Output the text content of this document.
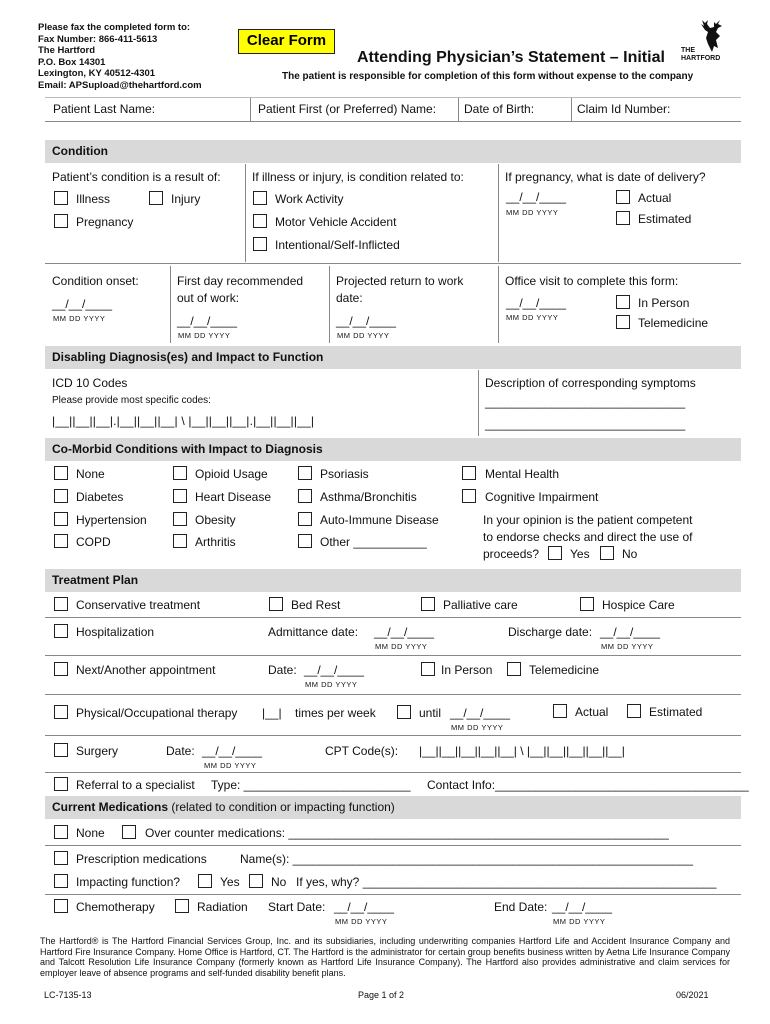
Please fax the completed form to:
Fax Number: 866-411-5613
The Hartford
P.O. Box 14301
Lexington, KY 40512-4301
Email: APSupload@thehartford.com
Clear Form
Attending Physician’s Statement – Initial
The patient is responsible for completion of this form without expense to the company
THE
HARTFORD
Patient Last Name:	Patient First (or Preferred) Name: Date of Birth:	Claim Id Number:
Condition
Patient’s condition is a result of:
Illness	Injury
Pregnancy
If illness or injury, is condition related to:
Work Activity
Motor Vehicle Accident
Intentional/Self-Inflicted
If pregnancy, what is date of delivery?
__/__/____
MM DD YYYY
Actual
Estimated
Condition onset:
__/__/____
MM DD YYYY
First day recommended
out of work:
__/__/____
MM DD YYYY
Projected return to work
date:
__/__/____
MM DD YYYY
Office visit to complete this form:
__/__/____
MM DD YYYY
In Person
Telemedicine
Disabling Diagnosis(es) and Impact to Function
ICD 10 Codes
Please provide most specific codes:
|__||__||__|.|__||__||__| \ |__||__||__|.|__||__||__|
Description of corresponding symptoms
______________________________
______________________________
Co-Morbid Conditions with Impact to Diagnosis
None
Diabetes
Hypertension
COPD
Opioid Usage
Heart Disease
Obesity
Arthritis
Psoriasis
Asthma/Bronchitis
Auto-Immune Disease
Other ___________
Mental Health
Cognitive Impairment
In your opinion is the patient competent
to endorse checks and direct the use of
proceeds?	Yes	No
Treatment Plan
Conservative treatment	Bed Rest	Palliative care	Hospice Care
Hospitalization	Admittance date: __/__/____
MM DD YYYY
Discharge date: __/__/____
MM DD YYYY
Next/Another appointment	Date: __/__/____
MM DD YYYY
In Person	Telemedicine
Physical/Occupational therapy |__| times per week	until __/__/____
MM DD YYYY
Actual	Estimated
Surgery	Date: __/__/____
MM DD YYYY
CPT Code(s): |__||__||__||__||__| \ |__||__||__||__||__|
Referral to a specialist Type: _________________________ Contact Info:______________________________________
Current Medications (related to condition or impacting function)
None	Over counter medications: _________________________________________________________
Prescription medications	Name(s): ____________________________________________________________
Impacting function?	Yes	No If yes, why? _____________________________________________________
Chemotherapy	Radiation Start Date: __/__/____
MM DD YYYY
End Date: __/__/____
MM DD YYYY
The Hartford® is The Hartford Financial Services Group, Inc. and its subsidiaries, including underwriting companies Hartford Life and Accident Insurance Company and Hartford Fire Insurance Company. Home Office is Hartford, CT. The Hartford is the administrator for certain group benefits business written by Aetna Life Insurance Company and Talcott Resolution Life Insurance Company (formerly known as Hartford Life Insurance Company). The Hartford also provides administrative and claim services for employer leave of absence programs and self-funded disability benefit plans.
LC-7135-13	Page 1 of 2	06/2021
